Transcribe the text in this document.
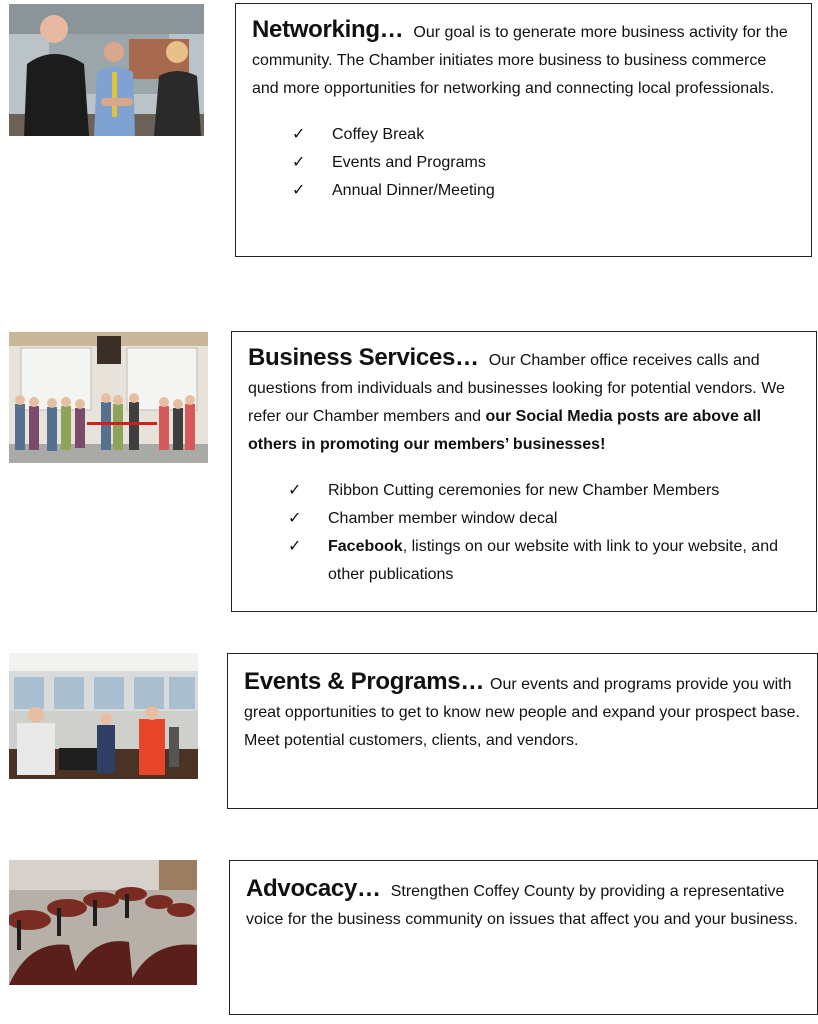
Networking… Our goal is to generate more business activity for the community. The Chamber initiates more business to business commerce and more opportunities for networking and connecting local professionals.

✓ Coffey Break
✓ Events and Programs
✓ Annual Dinner/Meeting

Business Services… Our Chamber office receives calls and questions from individuals and businesses looking for potential vendors. We refer our Chamber members and our Social Media posts are above all others in promoting our members’ businesses!

✓ Ribbon Cutting ceremonies for new Chamber Members
✓ Chamber member window decal
✓ Facebook, listings on our website with link to your website, and other publications

Events & Programs… Our events and programs provide you with great opportunities to get to know new people and expand your prospect base. Meet potential customers, clients, and vendors.

Advocacy… Strengthen Coffey County by providing a representative voice for the business community on issues that affect you and your business.
